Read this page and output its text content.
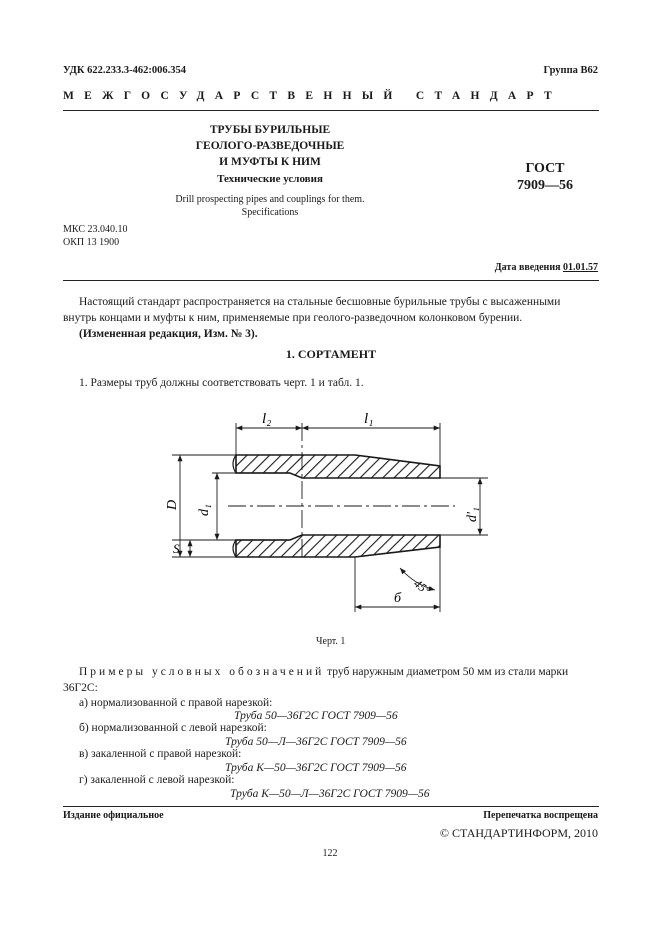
УДК 622.233.3-462:006.354	Группа В62
МЕЖГОСУДАРСТВЕННЫЙ СТАНДАРТ
ТРУБЫ БУРИЛЬНЫЕ
ГЕОЛОГО-РАЗВЕДОЧНЫЕ
И МУФТЫ К НИМ
Технические условия
Drill prospecting pipes and couplings for them.
Specifications
ГОСТ
7909—56
МКС 23.040.10
ОКП 13 1900
Дата введения 01.01.57
Настоящий стандарт распространяется на стальные бесшовные бурильные трубы с высаженными
внутрь концами и муфты к ним, применяемые при геолого-разведочном колонковом бурении.
(Измененная редакция, Изм. № 3).
1. СОРТАМЕНТ
1. Размеры труб должны соответствовать черт. 1 и табл. 1.
l₂	l₁
D d₁	d'₁
S
45°
б
Черт. 1
Примеры условных обозначений труб наружным диаметром 50 мм из стали марки
36Г2С:
а) нормализованной с правой нарезкой:
Труба 50—36Г2С ГОСТ 7909—56
б) нормализованной с левой нарезкой:
Труба 50—Л—36Г2С ГОСТ 7909—56
в) закаленной с правой нарезкой:
Труба К—50—36Г2С ГОСТ 7909—56
г) закаленной с левой нарезкой:
Труба К—50—Л—36Г2С ГОСТ 7909—56
Издание официальное	Перепечатка воспрещена
© СТАНДАРТИНФОРМ, 2010
122
